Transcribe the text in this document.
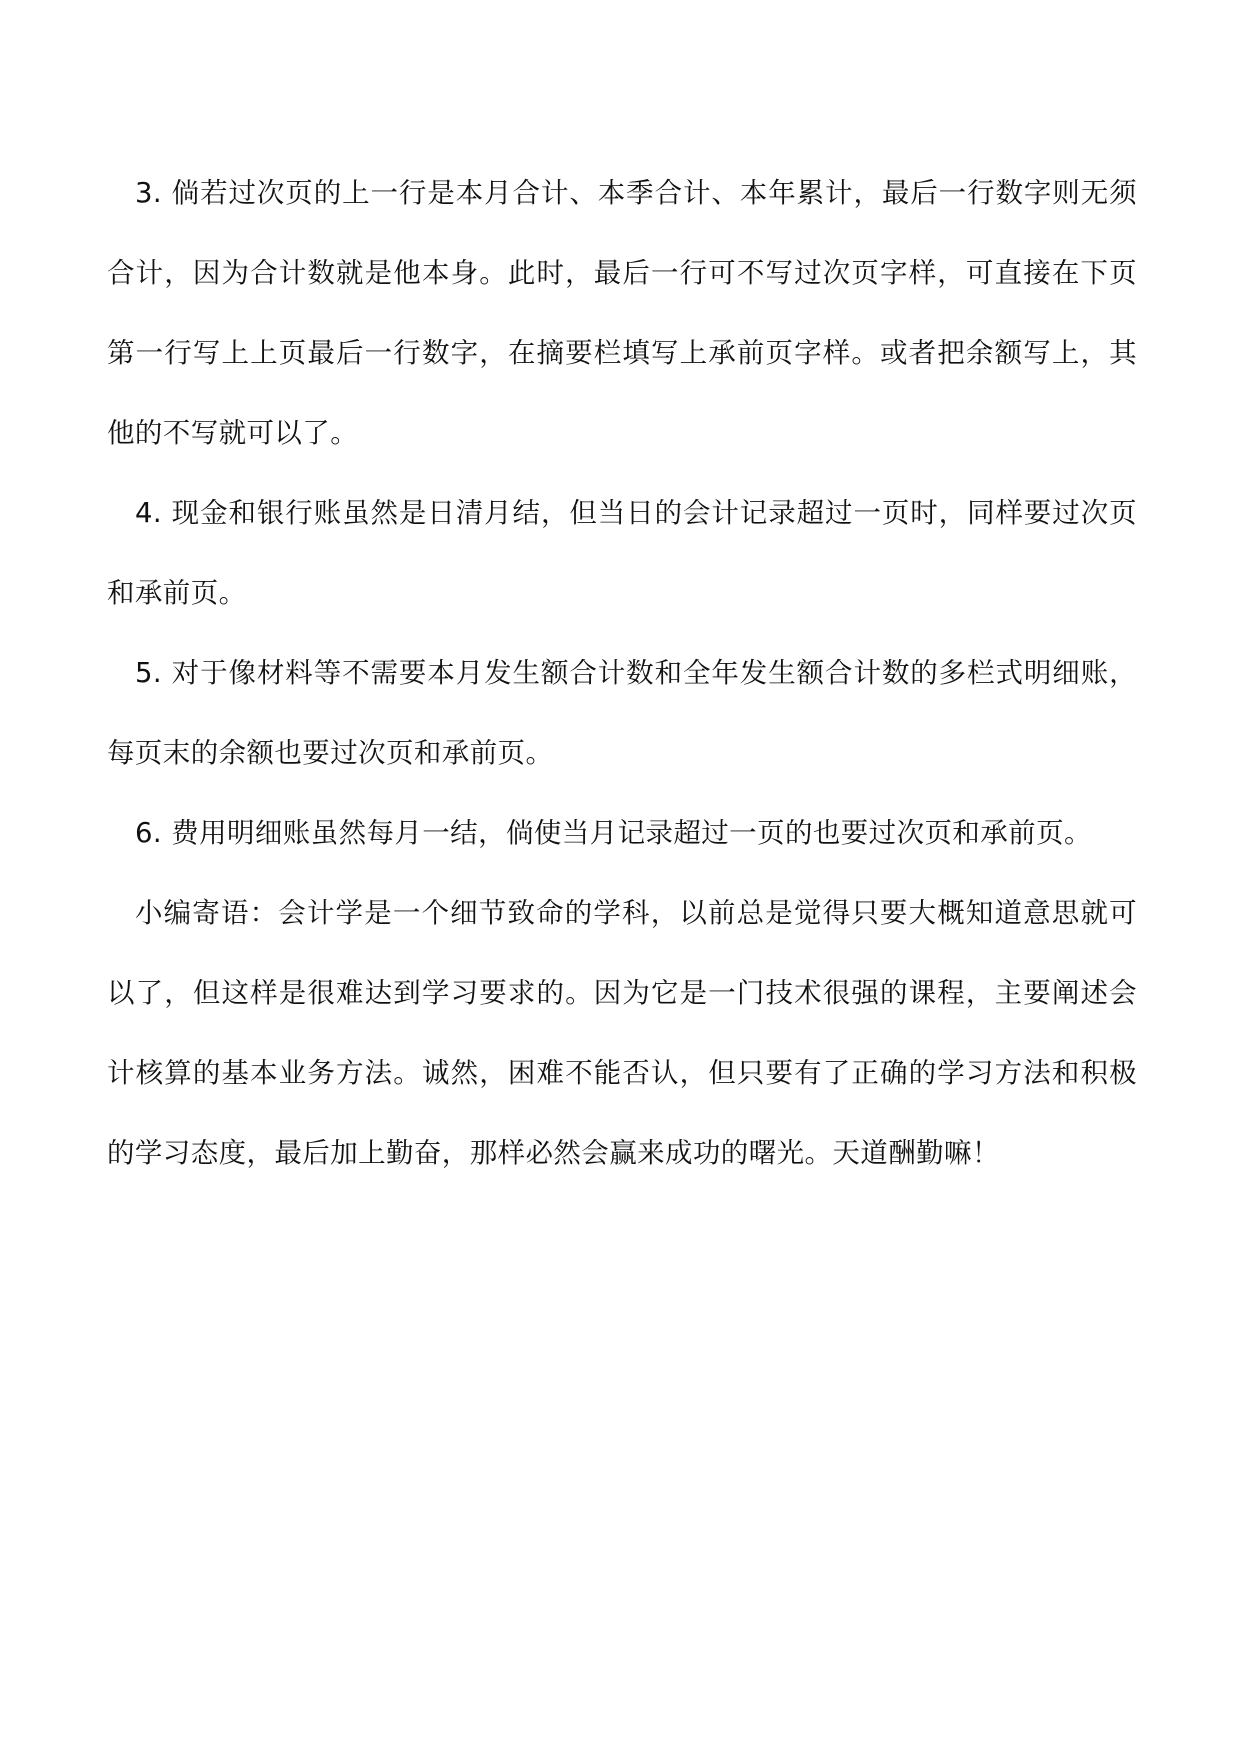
3. 倘若过次页的上一行是本月合计、本季合计、本年累计，最后一行数字则无须合计，因为合计数就是他本身。此时，最后一行可不写过次页字样，可直接在下页第一行写上上页最后一行数字，在摘要栏填写上承前页字样。或者把余额写上，其他的不写就可以了。

4. 现金和银行账虽然是日清月结，但当日的会计记录超过一页时，同样要过次页和承前页。

5. 对于像材料等不需要本月发生额合计数和全年发生额合计数的多栏式明细账，每页末的余额也要过次页和承前页。

6. 费用明细账虽然每月一结，倘使当月记录超过一页的也要过次页和承前页。

小编寄语：会计学是一个细节致命的学科，以前总是觉得只要大概知道意思就可以了，但这样是很难达到学习要求的。因为它是一门技术很强的课程，主要阐述会计核算的基本业务方法。诚然，困难不能否认，但只要有了正确的学习方法和积极的学习态度，最后加上勤奋，那样必然会赢来成功的曙光。天道酬勤嘛！
